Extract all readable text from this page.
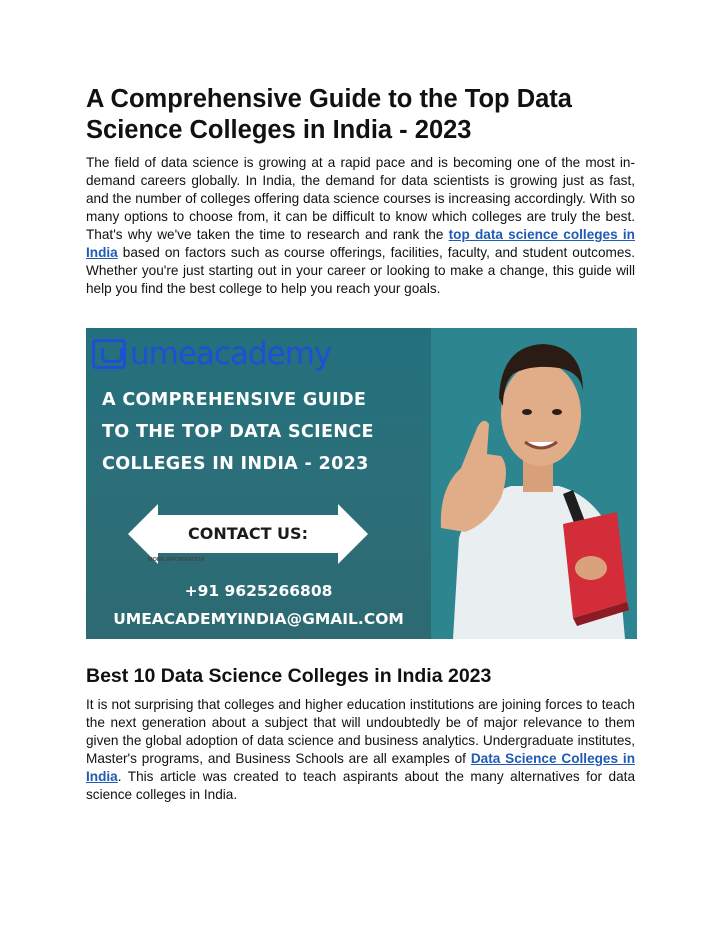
A Comprehensive Guide to the Top Data
Science Colleges in India - 2023

The field of data science is growing at a rapid pace and is becoming one of the most in-demand careers globally. In India, the demand for data scientists is growing just as fast, and the number of colleges offering data science courses is increasing accordingly. With so many options to choose from, it can be difficult to know which colleges are truly the best. That's why we've taken the time to research and rank the top data science colleges in India based on factors such as course offerings, facilities, faculty, and student outcomes. Whether you're just starting out in your career or looking to make a change, this guide will help you find the best college to help you reach your goals.

umeacademy
A COMPREHENSIVE GUIDE
TO THE TOP DATA SCIENCE
COLLEGES IN INDIA - 2023
CONTACT US:
MORE INFORMATION
+91 9625266808
UMEACADEMYINDIA@GMAIL.COM
Best 10 Data Science Colleges in India 2023

It is not surprising that colleges and higher education institutions are joining forces to teach the next generation about a subject that will undoubtedly be of major relevance to them given the global adoption of data science and business analytics. Undergraduate institutes, Master's programs, and Business Schools are all examples of Data Science Colleges in India. This article was created to teach aspirants about the many alternatives for data science colleges in India.
